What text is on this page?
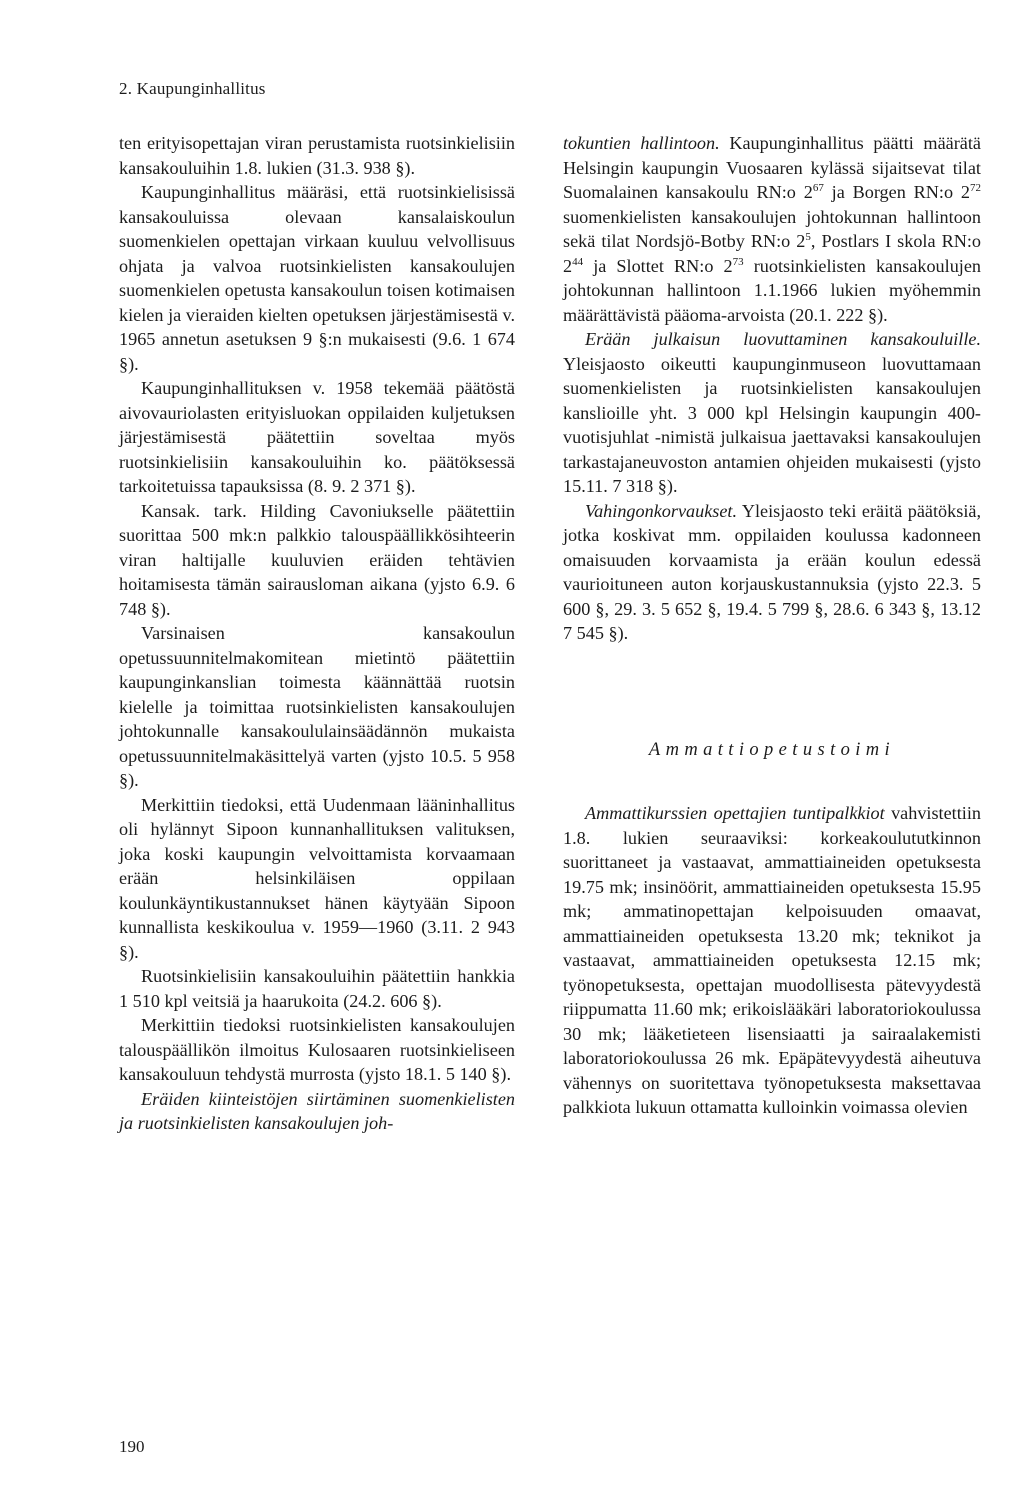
2. Kaupunginhallitus

ten erityisopettajan viran perustamista ruotsinkielisiin kansakouluihin 1.8. lukien (31.3. 938 §).

Kaupunginhallitus määräsi, että ruotsinkielisissä kansakouluissa olevaan kansalaiskoulun suomenkielen opettajan virkaan kuuluu velvollisuus ohjata ja valvoa ruotsinkielisten kansakoulujen suomenkielen opetusta kansakoulun toisen kotimaisen kielen ja vieraiden kielten opetuksen järjestämisestä v. 1965 annetun asetuksen 9 §:n mukaisesti (9.6. 1 674 §).

Kaupunginhallituksen v. 1958 tekemää päätöstä aivovauriolasten erityisluokan oppilaiden kuljetuksen järjestämisestä päätettiin soveltaa myös ruotsinkielisiin kansakouluihin ko. päätöksessä tarkoitetuissa tapauksissa (8. 9. 2 371 §).

Kansak. tark. Hilding Cavoniukselle päätettiin suorittaa 500 mk:n palkkio talouspäällikkösihteerin viran haltijalle kuuluvien eräiden tehtävien hoitamisesta tämän sairausloman aikana (yjsto 6.9. 6 748 §).

Varsinaisen kansakoulun opetussuunnitelmakomitean mietintö päätettiin kaupunginkanslian toimesta käännättää ruotsin kielelle ja toimittaa ruotsinkielisten kansakoulujen johtokunnalle kansakoululainsäädännön mukaista opetussuunnitelmakäsittelyä varten (yjsto 10.5. 5 958 §).

Merkittiin tiedoksi, että Uudenmaan lääninhallitus oli hylännyt Sipoon kunnanhallituksen valituksen, joka koski kaupungin velvoittamista korvaamaan erään helsinkiläisen oppilaan koulunkäyntikustannukset hänen käytyään Sipoon kunnallista keskikoulua v. 1959—1960 (3.11. 2 943 §).

Ruotsinkielisiin kansakouluihin päätettiin hankkia 1 510 kpl veitsiä ja haarukoita (24.2. 606 §).

Merkittiin tiedoksi ruotsinkielisten kansakoulujen talouspäällikön ilmoitus Kulosaaren ruotsinkieliseen kansakouluun tehdystä murrosta (yjsto 18.1. 5 140 §).

Eräiden kiinteistöjen siirtäminen suomenkielisten ja ruotsinkielisten kansakoulujen joh-

tokuntien hallintoon. Kaupunginhallitus päätti määrätä Helsingin kaupungin Vuosaaren kylässä sijaitsevat tilat Suomalainen kansakoulu RN:o $2^{67}$ ja Borgen RN:o $2^{72}$ suomenkielisten kansakoulujen johtokunnan hallintoon sekä tilat Nordsjö-Botby RN:o $2^5$, Postlars I skola RN:o $2^{44}$ ja Slottet RN:o $2^{73}$ ruotsinkielisten kansakoulujen johtokunnan hallintoon 1.1.1966 lukien myöhemmin määrättävistä pääoma-arvoista (20.1. 222 §).

Erään julkaisun luovuttaminen kansakouluille. Yleisjaosto oikeutti kaupunginmuseon luovuttamaan suomenkielisten ja ruotsinkielisten kansakoulujen kanslioille yht. 3 000 kpl Helsingin kaupungin 400-vuotisjuhlat -nimistä julkaisua jaettavaksi kansakoulujen tarkastajaneuvoston antamien ohjeiden mukaisesti (yjsto 15.11. 7 318 §).

Vahingonkorvaukset. Yleisjaosto teki eräitä päätöksiä, jotka koskivat mm. oppilaiden koulussa kadonneen omaisuuden korvaamista ja erään koulun edessä vaurioituneen auton korjauskustannuksia (yjsto 22.3. 5 600 §, 29. 3. 5 652 §, 19.4. 5 799 §, 28.6. 6 343 §, 13.12 7 545 §).

Ammattiopetustoimi

Ammattikurssien opettajien tuntipalkkiot vahvistettiin 1.8. lukien seuraaviksi: korkeakoulututkinnon suorittaneet ja vastaavat, ammattiaineiden opetuksesta 19.75 mk; insinöörit, ammattiaineiden opetuksesta 15.95 mk; ammatinopettajan kelpoisuuden omaavat, ammattiaineiden opetuksesta 13.20 mk; teknikot ja vastaavat, ammattiaineiden opetuksesta 12.15 mk; työnopetuksesta, opettajan muodollisesta pätevyydestä riippumatta 11.60 mk; erikoislääkäri laboratoriokoulussa 30 mk; lääketieteen lisensiaatti ja sairaalakemisti laboratoriokoulussa 26 mk. Epäpätevyydestä aiheutuva vähennys on suoritettava työnopetuksesta maksettavaa palkkiota lukuun ottamatta kulloinkin voimassa olevien

190
